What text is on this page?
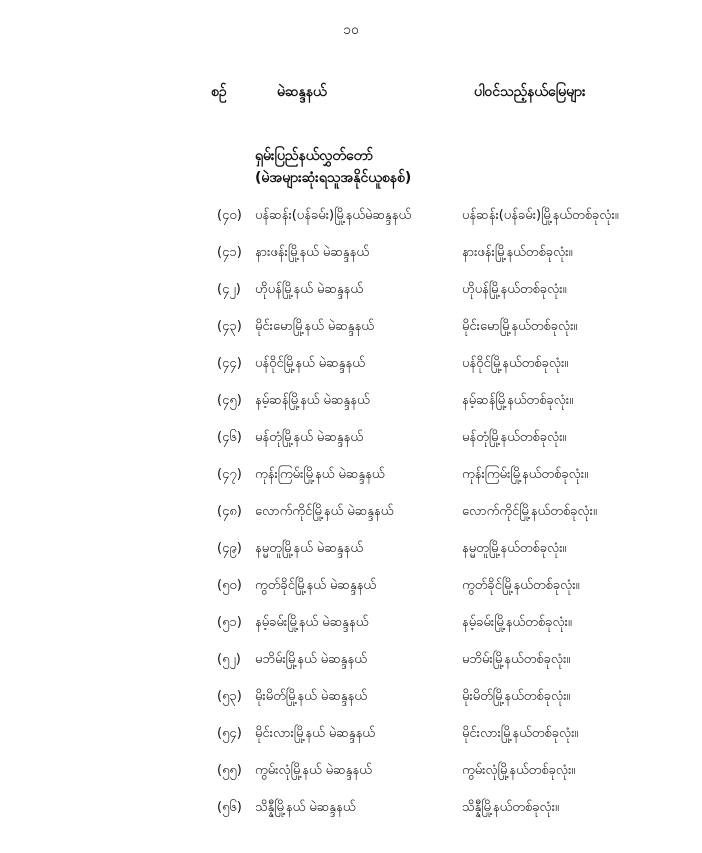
၁၀
စဉ်	မဲဆန္ဒနယ်	ပါဝင်သည့်နယ်မြေများ
ရှမ်းပြည်နယ်လွှတ်တော်
(မဲအများဆုံးရသူအနိုင်ယူစနစ်)
(၄၀) ပန်ဆန်း(ပန်ခမ်း)မြို့နယ်မဲဆန္ဒနယ်	ပန်ဆန်း(ပန်ခမ်း)မြို့နယ်တစ်ခုလုံး။
(၄၁) နားဖန်းမြို့နယ် မဲဆန္ဒနယ်	နားဖန်းမြို့နယ်တစ်ခုလုံး။
(၄၂) ဟိုပန်မြို့နယ် မဲဆန္ဒနယ်	ဟိုပန်မြို့နယ်တစ်ခုလုံး။
(၄၃) မိုင်းမောမြို့နယ် မဲဆန္ဒနယ်	မိုင်းမောမြို့နယ်တစ်ခုလုံး။
(၄၄) ပန်ဝိုင်မြို့နယ် မဲဆန္ဒနယ်	ပန်ဝိုင်မြို့နယ်တစ်ခုလုံး။
(၄၅) နမ့်ဆန်မြို့နယ် မဲဆန္ဒနယ်	နမ့်ဆန်မြို့နယ်တစ်ခုလုံး။
(၄၆) မန်တုံမြို့နယ် မဲဆန္ဒနယ်	မန်တုံမြို့နယ်တစ်ခုလုံး။
(၄၇) ကုန်းကြမ်းမြို့နယ် မဲဆန္ဒနယ်	ကုန်းကြမ်းမြို့နယ်တစ်ခုလုံး။
(၄၈) လောက်ကိုင်မြို့နယ် မဲဆန္ဒနယ်	လောက်ကိုင်မြို့နယ်တစ်ခုလုံး။
(၄၉) နမ္မတူမြို့နယ် မဲဆန္ဒနယ်	နမ္မတူမြို့နယ်တစ်ခုလုံး။
(၅၀) ကွတ်ခိုင်မြို့နယ် မဲဆန္ဒနယ်	ကွတ်ခိုင်မြို့နယ်တစ်ခုလုံး။
(၅၁) နမ့်ခမ်းမြို့နယ် မဲဆန္ဒနယ်	နမ့်ခမ်းမြို့နယ်တစ်ခုလုံး။
(၅၂) မဘိမ်းမြို့နယ် မဲဆန္ဒနယ်	မဘိမ်းမြို့နယ်တစ်ခုလုံး။
(၅၃) မိုးမိတ်မြို့နယ် မဲဆန္ဒနယ်	မိုးမိတ်မြို့နယ်တစ်ခုလုံး။
(၅၄) မိုင်းလားမြို့နယ် မဲဆန္ဒနယ်	မိုင်းလားမြို့နယ်တစ်ခုလုံး။
(၅၅) ကွမ်းလုံမြို့နယ် မဲဆန္ဒနယ်	ကွမ်းလုံမြို့နယ်တစ်ခုလုံး။
(၅၆) သိန္နီမြို့နယ် မဲဆန္ဒနယ်	သိန္နီမြို့နယ်တစ်ခုလုံး။
